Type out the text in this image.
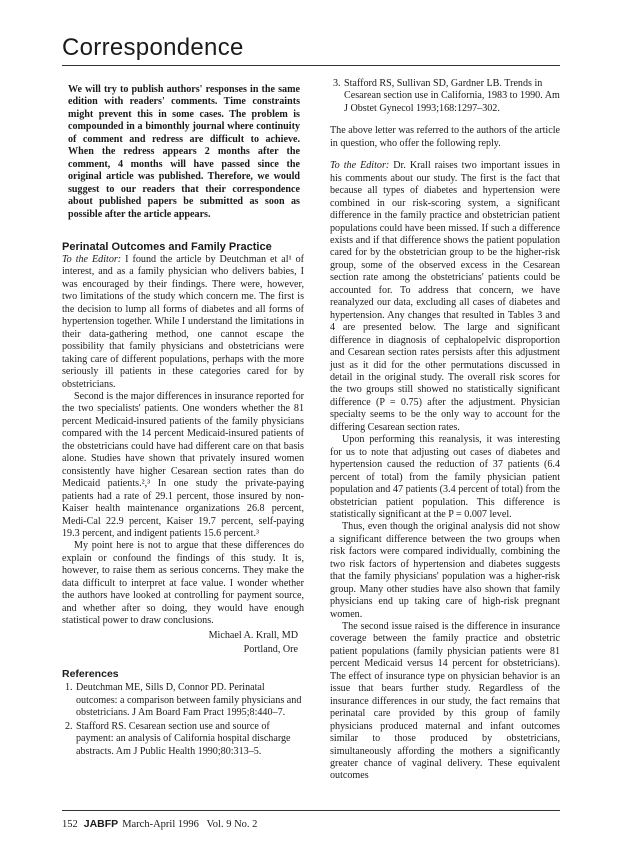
Correspondence

We will try to publish authors' responses in the same edition with readers' comments. Time constraints might prevent this in some cases. The problem is compounded in a bimonthly journal where continuity of comment and redress are difficult to achieve. When the redress appears 2 months after the comment, 4 months will have passed since the original article was published. Therefore, we would suggest to our readers that their correspondence about published papers be submitted as soon as possible after the article appears.

Perinatal Outcomes and Family Practice

To the Editor: I found the article by Deutchman et al¹ of interest, and as a family physician who delivers babies, I was encouraged by their findings. There were, however, two limitations of the study which concern me. The first is the decision to lump all forms of diabetes and all forms of hypertension together. While I understand the limitations in their data-gathering method, one cannot escape the possibility that family physicians and obstetricians were taking care of different populations, perhaps with the more seriously ill patients in these categories cared for by obstetricians.

Second is the major differences in insurance reported for the two specialists' patients. One wonders whether the 81 percent Medicaid-insured patients of the family physicians compared with the 14 percent Medicaid-insured patients of the obstetricians could have had different care on that basis alone. Studies have shown that privately insured women consistently have higher Cesarean section rates than do Medicaid patients.²,³ In one study the private-paying patients had a rate of 29.1 percent, those insured by non-Kaiser health maintenance organizations 26.8 percent, Medi-Cal 22.9 percent, Kaiser 19.7 percent, self-paying 19.3 percent, and indigent patients 15.6 percent.³

My point here is not to argue that these differences do explain or confound the findings of this study. It is, however, to raise them as serious concerns. They make the data difficult to interpret at face value. I wonder whether the authors have looked at controlling for payment source, and whether after so doing, they would have enough statistical power to draw conclusions.

Michael A. Krall, MD

Portland, Ore

References
1. Deutchman ME, Sills D, Connor PD. Perinatal outcomes: a comparison between family physicians and obstetricians. J Am Board Fam Pract 1995;8:440–7.
2. Stafford RS. Cesarean section use and source of payment: an analysis of California hospital discharge abstracts. Am J Public Health 1990;80:313–5.
3. Stafford RS, Sullivan SD, Gardner LB. Trends in Cesarean section use in California, 1983 to 1990. Am J Obstet Gynecol 1993;168:1297–302.

The above letter was referred to the authors of the article in question, who offer the following reply.

To the Editor: Dr. Krall raises two important issues in his comments about our study. The first is the fact that because all types of diabetes and hypertension were combined in our risk-scoring system, a significant difference in the family practice and obstetrician patient populations could have been missed. If such a difference exists and if that difference shows the patient population cared for by the obstetrician group to be the higher-risk group, some of the observed excess in the Cesarean section rate among the obstetricians' patients could be accounted for. To address that concern, we have reanalyzed our data, excluding all cases of diabetes and hypertension. Any changes that resulted in Tables 3 and 4 are presented below. The large and significant difference in diagnosis of cephalopelvic disproportion and Cesarean section rates persists after this adjustment just as it did for the other permutations discussed in detail in the original study. The overall risk scores for the two groups still showed no statistically significant difference (P = 0.75) after the adjustment. Physician specialty seems to be the only way to account for the differing Cesarean section rates.

Upon performing this reanalysis, it was interesting for us to note that adjusting out cases of diabetes and hypertension caused the reduction of 37 patients (6.4 percent of total) from the family physician patient population and 47 patients (3.4 percent of total) from the obstetrician patient population. This difference is statistically significant at the P = 0.007 level.

Thus, even though the original analysis did not show a significant difference between the two groups when risk factors were compared individually, combining the two risk factors of hypertension and diabetes suggests that the family physicians' population was a higher-risk group. Many other studies have also shown that family physicians end up taking care of high-risk pregnant women.

The second issue raised is the difference in insurance coverage between the family practice and obstetric patient populations (family physician patients were 81 percent Medicaid versus 14 percent for obstetricians). The effect of insurance type on physician behavior is an issue that bears further study. Regardless of the insurance differences in our study, the fact remains that perinatal care provided by this group of family physicians produced maternal and infant outcomes similar to those produced by obstetricians, simultaneously affording the mothers a significantly greater chance of vaginal delivery. These equivalent outcomes

152 JABFP March-April 1996   Vol. 9 No. 2
